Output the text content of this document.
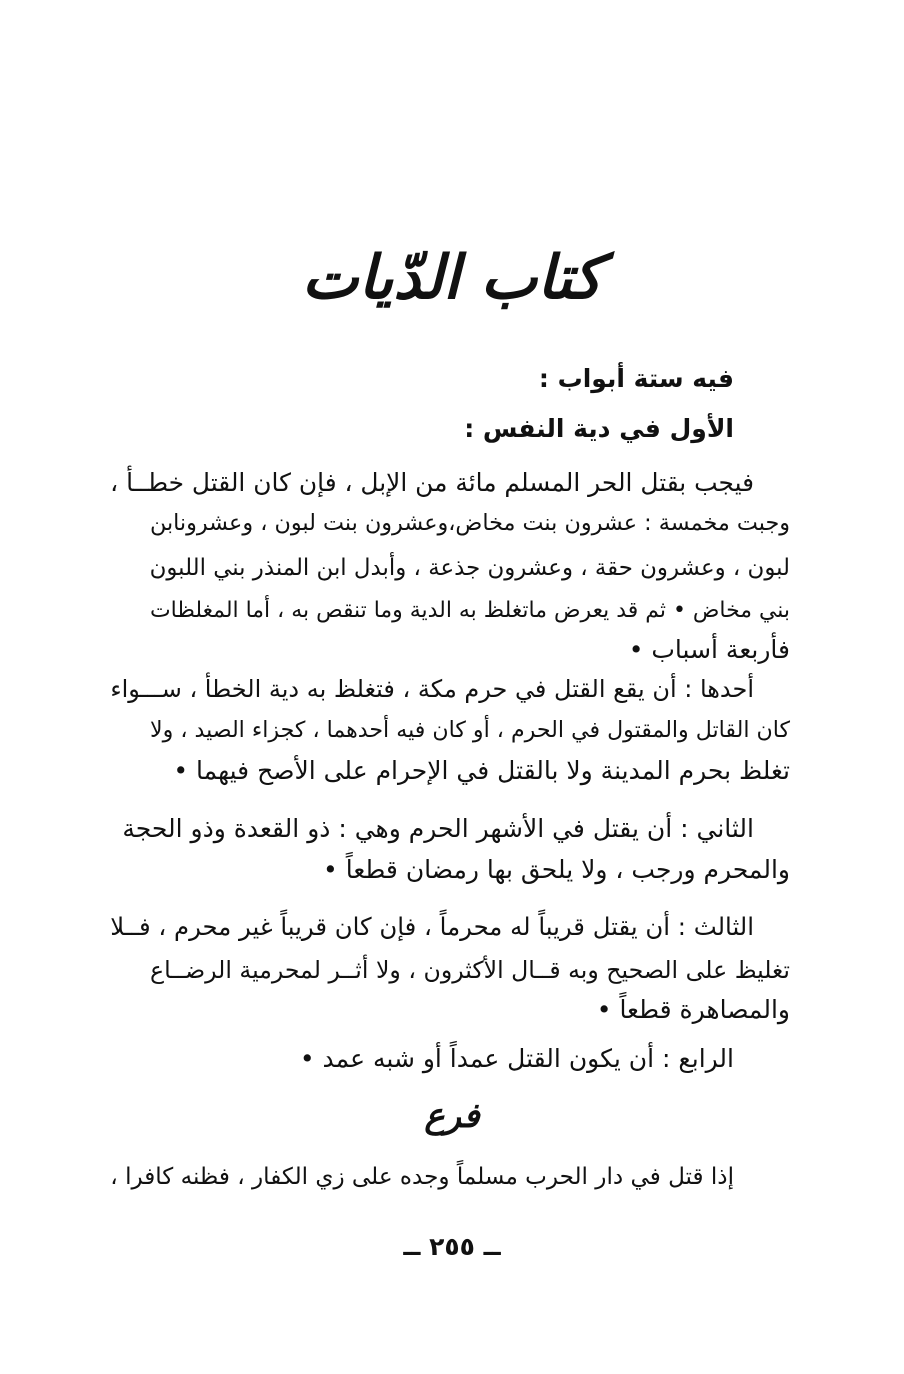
كتاب الدّيات
فيه ستة أبواب :
الأول في دية النفس :
فيجب بقتل الحر المسلم مائة من الإبل ، فإن كان القتل خطــأ ،
وجبت مخمسة : عشرون بنت مخاض،وعشرون بنت لبون ، وعشرونابن
لبون ، وعشرون حقة ، وعشرون جذعة ، وأبدل ابن المنذر بني اللبون
بني مخاض • ثم قد يعرض ماتغلظ به الدية وما تنقص به ، أما المغلظات
فأربعة أسباب •
أحدها : أن يقع القتل في حرم مكة ، فتغلظ به دية الخطأ ، ســـواء
كان القاتل والمقتول في الحرم ، أو كان فيه أحدهما ، كجزاء الصيد ، ولا
تغلظ بحرم المدينة ولا بالقتل في الإحرام على الأصح فيهما •
الثاني : أن يقتل في الأشهر الحرم وهي : ذو القعدة وذو الحجة
والمحرم ورجب ، ولا يلحق بها رمضان قطعاً •
الثالث : أن يقتل قريباً له محرماً ، فإن كان قريباً غير محرم ، فــلا
تغليظ على الصحيح وبه قــال الأكثرون ، ولا أثــر لمحرمية الرضــاع
والمصاهرة قطعاً •
الرابع : أن يكون القتل عمداً أو شبه عمد •
فرع
إذا قتل في دار الحرب مسلماً وجده على زي الكفار ، فظنه كافرا ،
ــ ٢٥٥ ــ
